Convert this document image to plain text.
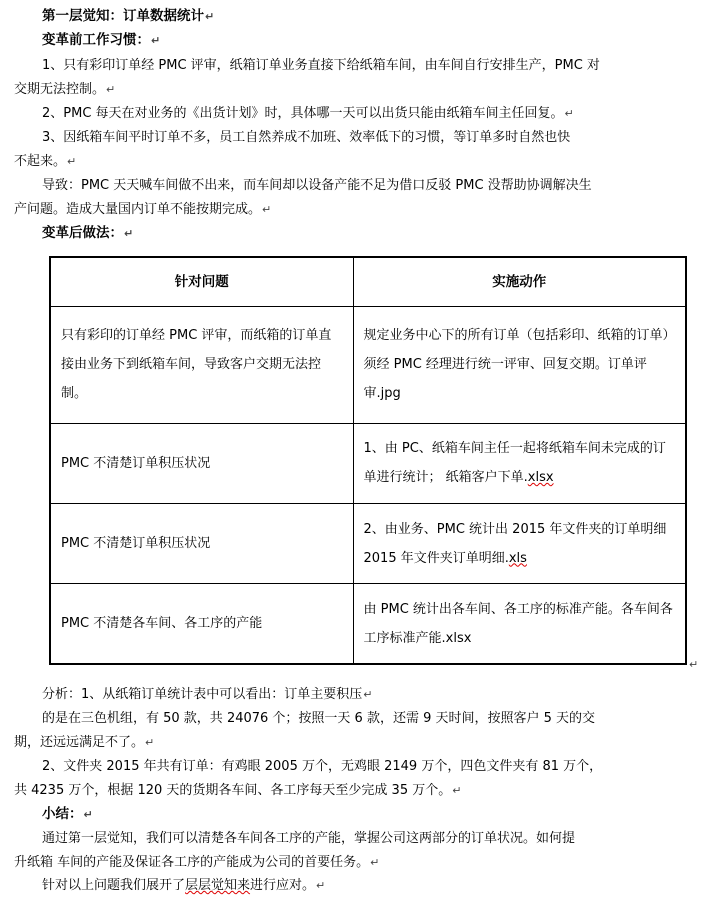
第一层觉知：订单数据统计↵
变革前工作习惯：↵
1、只有彩印订单经 PMC 评审，纸箱订单业务直接下给纸箱车间，由车间自行安排生产，PMC 对
交期无法控制。↵
2、PMC 每天在对业务的《出货计划》时，具体哪一天可以出货只能由纸箱车间主任回复。↵
3、因纸箱车间平时订单不多，员工自然养成不加班、效率低下的习惯，等订单多时自然也快
不起来。↵
导致：PMC 天天喊车间做不出来，而车间却以设备产能不足为借口反驳 PMC 没帮助协调解决生
产问题。造成大量国内订单不能按期完成。↵
变革后做法：↵
针对问题	实施动作
只有彩印的订单经 PMC 评审，而纸箱的订单直接由业务下到纸箱车间，导致客户交期无法控制。	规定业务中心下的所有订单（包括彩印、纸箱的订单）须经 PMC 经理进行统一评审、回复交期。订单评审.jpg
PMC 不清楚订单积压状况	1、由 PC、纸箱车间主任一起将纸箱车间未完成的订单进行统计； 纸箱客户下单.xlsx
PMC 不清楚订单积压状况	2、由业务、PMC 统计出 2015 年文件夹的订单明细 2015 年文件夹订单明细.xls
PMC 不清楚各车间、各工序的产能	由 PMC 统计出各车间、各工序的标准产能。各车间各工序标准产能.xlsx
↵
分析：1、从纸箱订单统计表中可以看出：订单主要积压↵
的是在三色机组，有 50 款，共 24076 个；按照一天 6 款，还需 9 天时间，按照客户 5 天的交
期，还远远满足不了。↵
2、文件夹 2015 年共有订单：有鸡眼 2005 万个，无鸡眼 2149 万个，四色文件夹有 81 万个，
共 4235 万个，根据 120 天的货期各车间、各工序每天至少完成 35 万个。↵
小结：↵
通过第一层觉知，我们可以清楚各车间各工序的产能，掌握公司这两部分的订单状况。如何提
升纸箱 车间的产能及保证各工序的产能成为公司的首要任务。↵
针对以上问题我们展开了层层觉知来进行应对。↵
